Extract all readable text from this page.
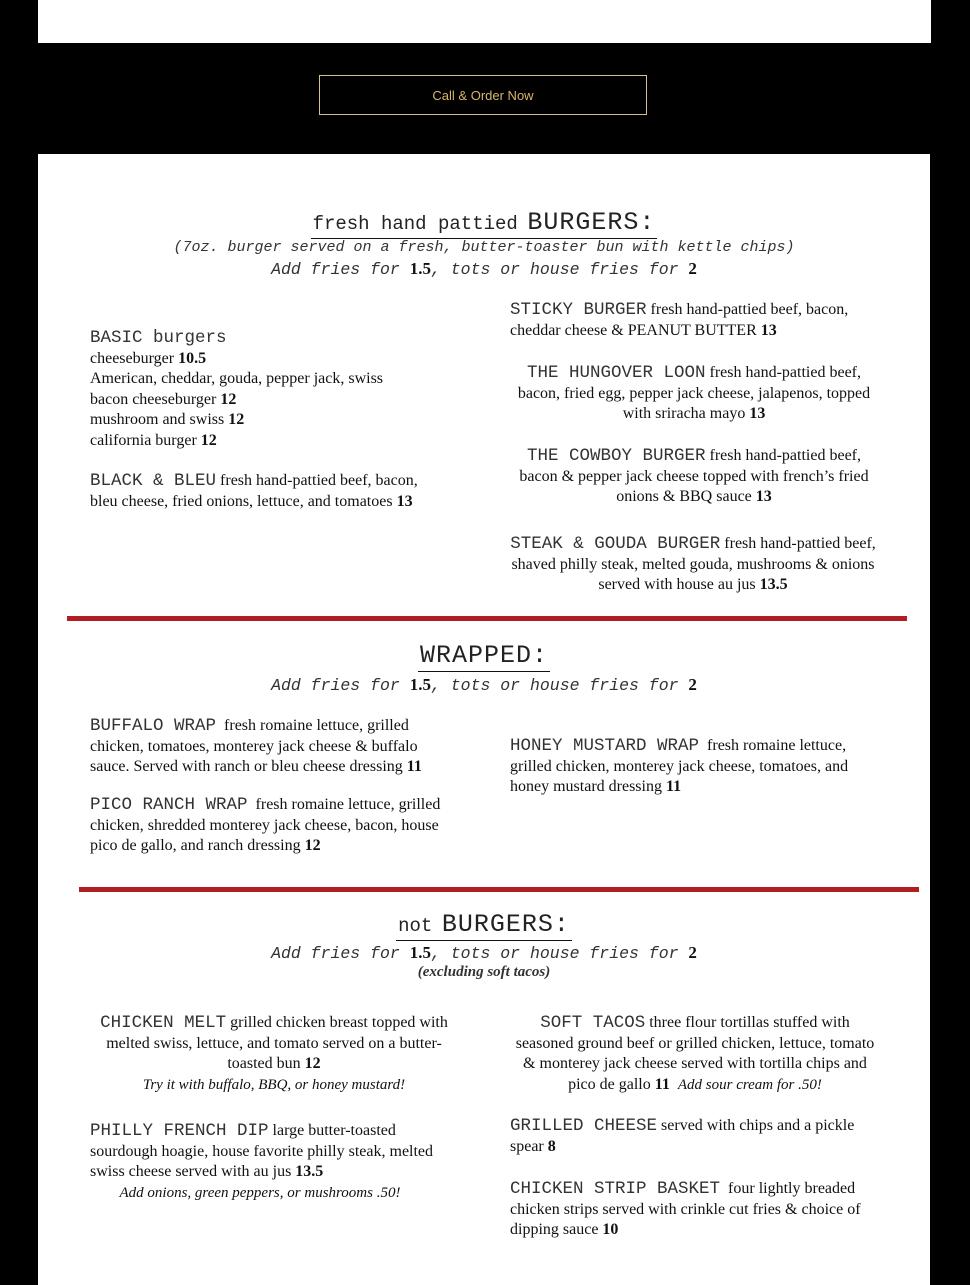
Call & Order Now
fresh hand pattied BURGERS:
(7oz. burger served on a fresh, butter-toaster bun with kettle chips)
Add fries for 1.5, tots or house fries for 2
BASIC burgers
cheeseburger 10.5
American, cheddar, gouda, pepper jack, swiss
bacon cheeseburger 12
mushroom and swiss 12
california burger 12
BLACK & BLEU fresh hand-pattied beef, bacon, bleu cheese, fried onions, lettuce, and tomatoes 13
STICKY BURGER fresh hand-pattied beef, bacon, cheddar cheese & PEANUT BUTTER 13
THE HUNGOVER LOON fresh hand-pattied beef, bacon, fried egg, pepper jack cheese, jalapenos, topped with sriracha mayo 13
THE COWBOY BURGER fresh hand-pattied beef, bacon & pepper jack cheese topped with french’s fried onions & BBQ sauce 13
STEAK & GOUDA BURGER fresh hand-pattied beef, shaved philly steak, melted gouda, mushrooms & onions served with house au jus 13.5
WRAPPED:
Add fries for 1.5, tots or house fries for 2
BUFFALO WRAP fresh romaine lettuce, grilled chicken, tomatoes, monterey jack cheese & buffalo sauce. Served with ranch or bleu cheese dressing 11
PICO RANCH WRAP fresh romaine lettuce, grilled chicken, shredded monterey jack cheese, bacon, house pico de gallo, and ranch dressing 12
HONEY MUSTARD WRAP fresh romaine lettuce, grilled chicken, monterey jack cheese, tomatoes, and honey mustard dressing 11
not BURGERS:
Add fries for 1.5, tots or house fries for 2
(excluding soft tacos)
CHICKEN MELT grilled chicken breast topped with melted swiss, lettuce, and tomato served on a butter-toasted bun 12
Try it with buffalo, BBQ, or honey mustard!
PHILLY FRENCH DIP large butter-toasted sourdough hoagie, house favorite philly steak, melted swiss cheese served with au jus 13.5
Add onions, green peppers, or mushrooms .50!
SOFT TACOS three flour tortillas stuffed with seasoned ground beef or grilled chicken, lettuce, tomato & monterey jack cheese served with tortilla chips and pico de gallo 11 Add sour cream for .50!
GRILLED CHEESE served with chips and a pickle spear 8
CHICKEN STRIP BASKET four lightly breaded chicken strips served with crinkle cut fries & choice of dipping sauce 10
